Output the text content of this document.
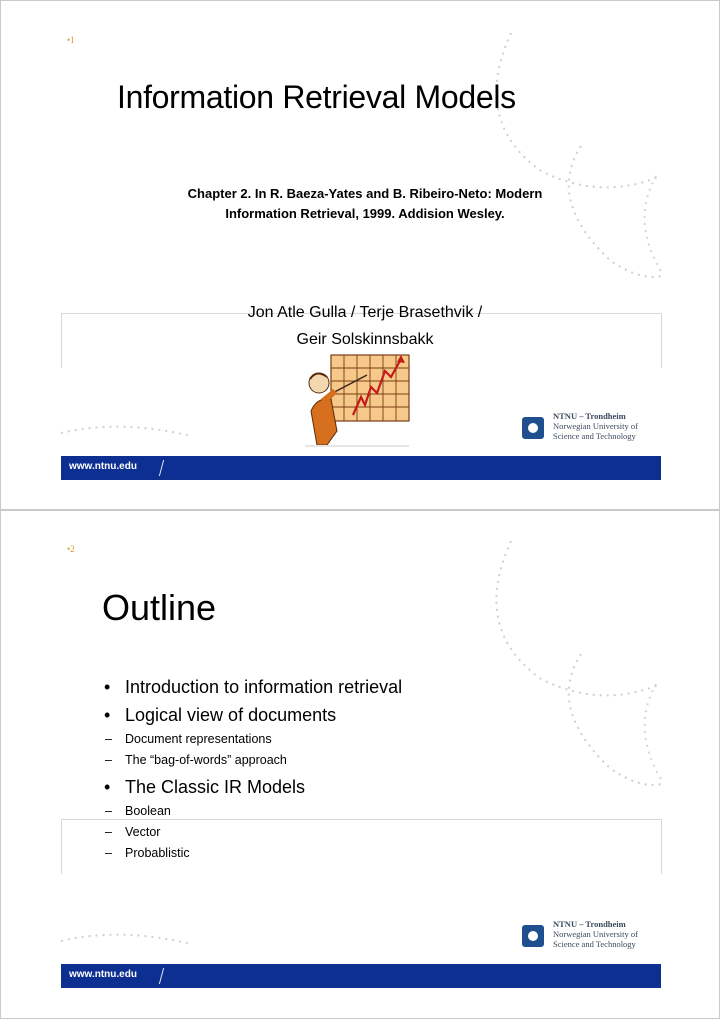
•1
Information Retrieval Models
Chapter 2. In R. Baeza-Yates and B. Ribeiro-Neto: Modern
Information Retrieval, 1999. Addision Wesley.
Jon Atle Gulla / Terje Brasethvik /
Geir Solskinnsbakk
NTNU – Trondheim
Norwegian University of
Science and Technology
www.ntnu.edu
•2
Outline
• Introduction to information retrieval
• Logical view of documents
– Document representations
– The “bag-of-words” approach
• The Classic IR Models
– Boolean
– Vector
– Probablistic
NTNU – Trondheim
Norwegian University of
Science and Technology
www.ntnu.edu
